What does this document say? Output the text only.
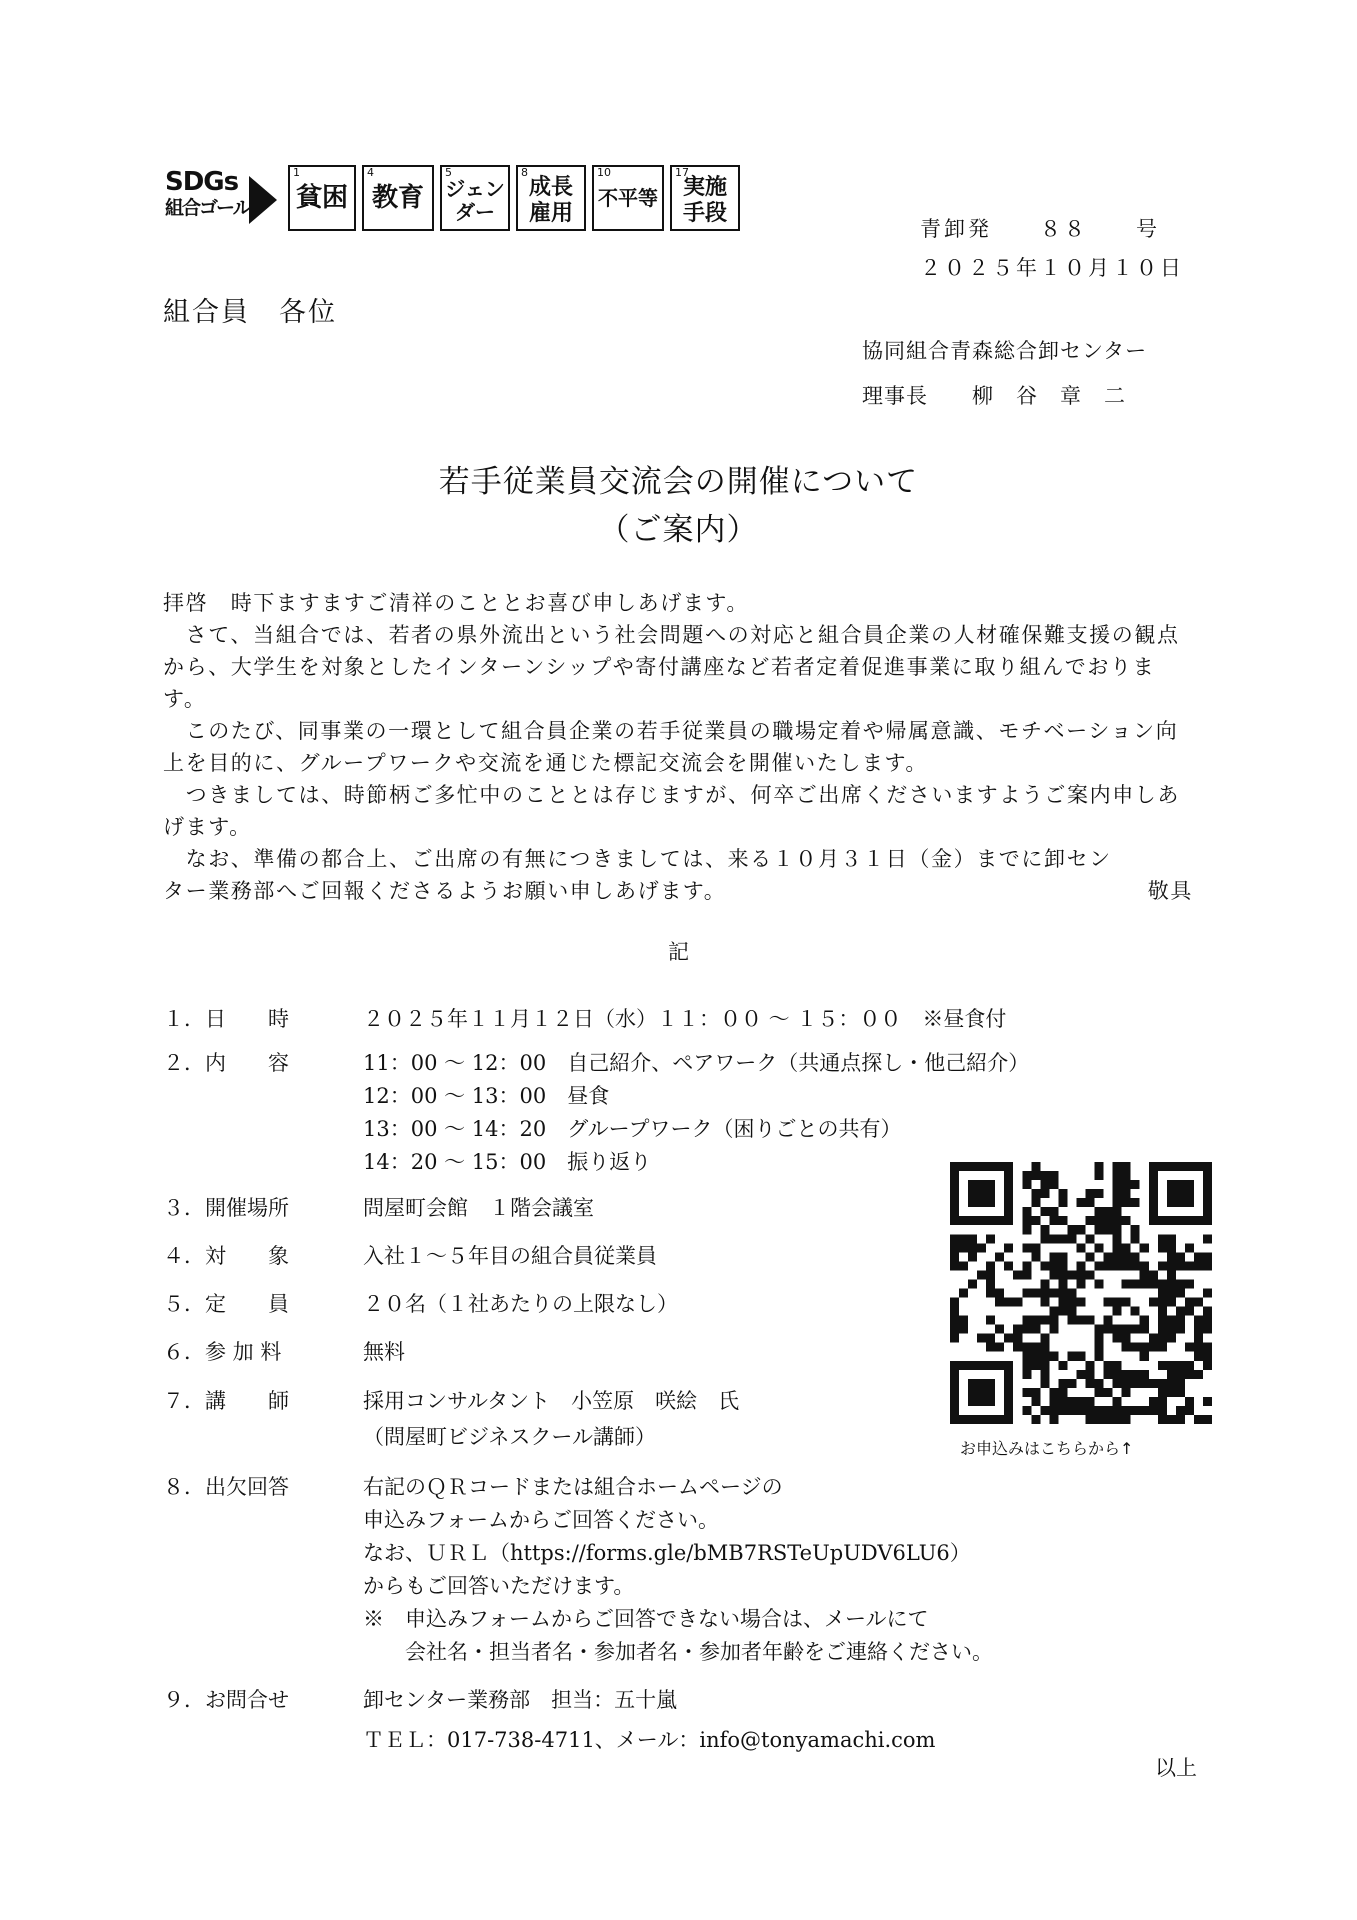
SDGs
組合ゴール
1
貧困
4
教育
5
ジェン
ダー
8
成長
雇用
10
不平等
17
実施
手段
青卸発　　８８　　号
２０２５年１０月１０日
組合員　各位
協同組合青森総合卸センター
理事長　　柳　谷　章　二
若手従業員交流会の開催について
（ご案内）

拝啓　時下ますますご清祥のこととお喜び申しあげます。

　さて、当組合では、若者の県外流出という社会問題への対応と組合員企業の人材確保難支援の観点から、大学生を対象としたインターンシップや寄付講座など若者定着促進事業に取り組んでおります。

　このたび、同事業の一環として組合員企業の若手従業員の職場定着や帰属意識、モチベーション向上を目的に、グループワークや交流を通じた標記交流会を開催いたします。

　つきましては、時節柄ご多忙中のこととは存じますが、何卒ご出席くださいますようご案内申しあげます。

　なお、準備の都合上、ご出席の有無につきましては、来る１０月３１日（金）までに卸センター業務部へご回報くださるようお願い申しあげます。	敬具
記

１．日　　時

	２０２５年１１月１２日（水）１１：００ ～ １５：００　※昼食付

２．内　　容	11：00 ～ 12：00　自己紹介、ペアワーク（共通点探し・他己紹介）
12：00 ～ 13：00　昼食
13：00 ～ 14：20　グループワーク（困りごとの共有）
14：20 ～ 15：00　振り返り

３．開催場所

	問屋町会館　１階会議室

４．対　　象

	入社１～５年目の組合員従業員

５．定　　員

	２０名（１社あたりの上限なし）

６．参 加 料

	無料

７．講　　師

	採用コンサルタント　小笠原　咲絵　氏

（問屋町ビジネスクール講師）

８．出欠回答	右記のＱＲコードまたは組合ホームページの
申込みフォームからご回答ください。
なお、ＵＲＬ（https://forms.gle/bMB7RSTeUpUDV6LU6）
からもご回答いただけます。
※　申込みフォームからご回答できない場合は、メールにて
　　会社名・担当者名・参加者名・参加者年齢をご連絡ください。

９．お問合せ

	卸センター業務部　担当：五十嵐

ＴＥＬ：017-738-4711、メール：info@tonyamachi.com
お申込みはこちらから↑
以上
